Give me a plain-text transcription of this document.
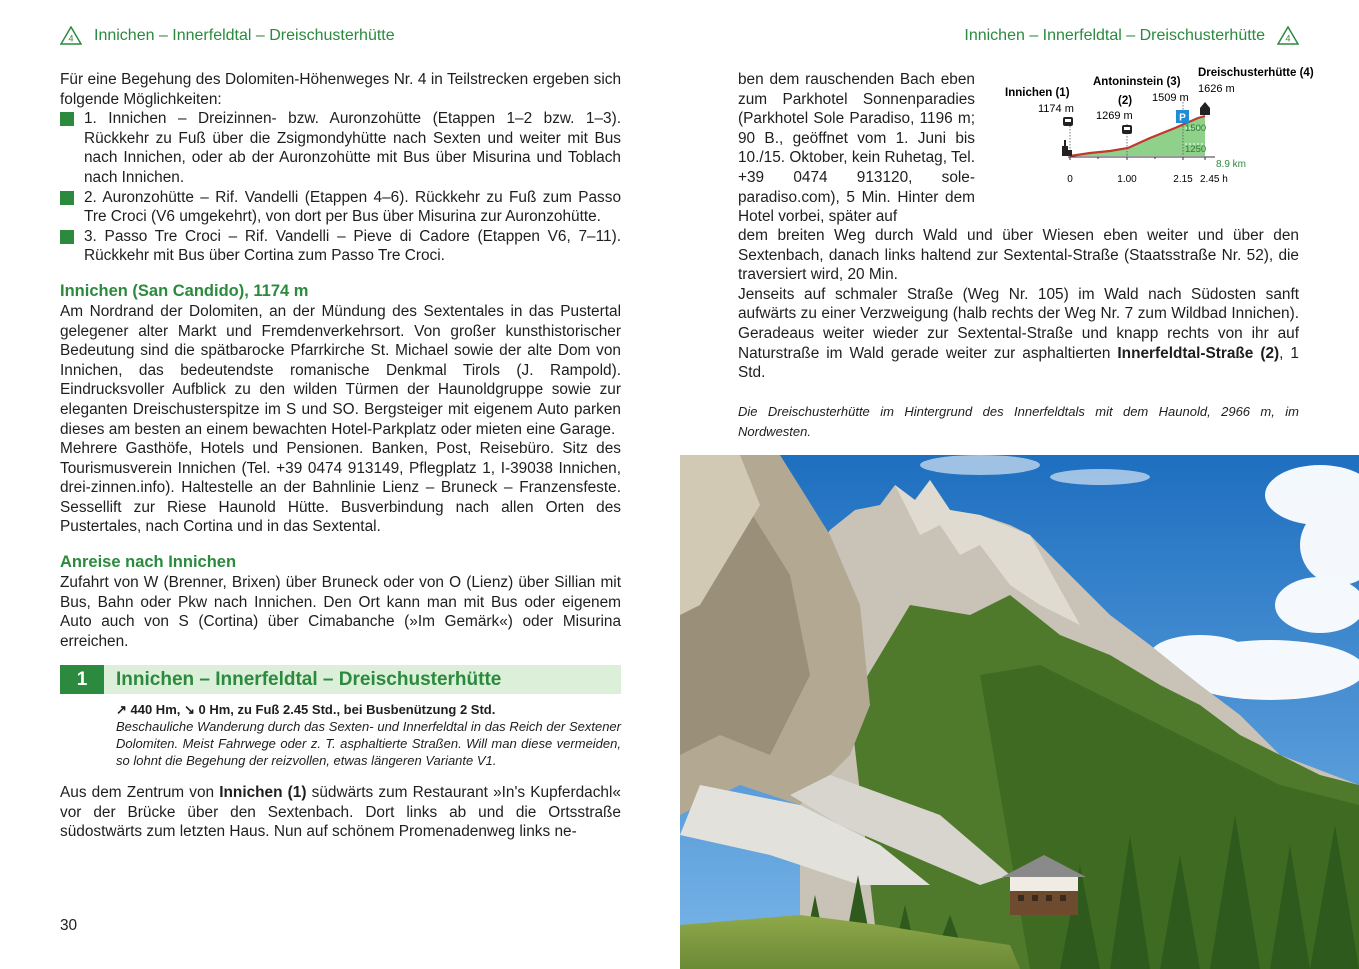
4 Innichen – Innerfeldtal – Dreischusterhütte	Innichen – Innerfeldtal – Dreischusterhütte 4

Für eine Begehung des Dolomiten-Höhenweges Nr. 4 in Teilstrecken ergeben sich folgende Möglichkeiten:

1. Innichen – Dreizinnen- bzw. Auronzohütte (Etappen 1–2 bzw. 1–3). Rückkehr zu Fuß über die Zsigmondyhütte nach Sexten und weiter mit Bus nach Innichen, oder ab der Auronzohütte mit Bus über Misurina und Toblach nach Innichen.
2. Auronzohütte – Rif. Vandelli (Etappen 4–6). Rückkehr zu Fuß zum Passo Tre Croci (V6 umgekehrt), von dort per Bus über Misurina zur Auronzohütte.
3. Passo Tre Croci – Rif. Vandelli – Pieve di Cadore (Etappen V6, 7–11). Rückkehr mit Bus über Cortina zum Passo Tre Croci.
Innichen (San Candido), 1174 m

Am Nordrand der Dolomiten, an der Mündung des Sextentales in das Pustertal gelegener alter Markt und Fremdenverkehrsort. Von großer kunsthistorischer Bedeutung sind die spätbarocke Pfarrkirche St. Michael sowie der alte Dom von Innichen, das bedeutendste romanische Denkmal Tirols (J. Rampold). Eindrucksvoller Aufblick zu den wilden Türmen der Haunoldgruppe sowie zur eleganten Dreischusterspitze im S und SO. Bergsteiger mit eigenem Auto parken dieses am besten an einem bewachten Hotel-Parkplatz oder mieten eine Garage.

Mehrere Gasthöfe, Hotels und Pensionen. Banken, Post, Reisebüro. Sitz des Tourismusverein Innichen (Tel. +39 0474 913149, Pflegplatz 1, I-39038 Innichen, drei-zinnen.info). Haltestelle an der Bahnlinie Lienz – Bruneck – Franzensfeste. Sessellift zur Riese Haunold Hütte. Busverbindung nach allen Orten des Pustertales, nach Cortina und in das Sextental.

Anreise nach Innichen

Zufahrt von W (Brenner, Brixen) über Bruneck oder von O (Lienz) über Sillian mit Bus, Bahn oder Pkw nach Innichen. Den Ort kann man mit Bus oder eigenem Auto auch von S (Cortina) über Cimabanche (»Im Gemärk«) oder Misurina erreichen.

1	Innichen – Innerfeldtal – Dreischusterhütte
↗ 440 Hm, ↘ 0 Hm, zu Fuß 2.45 Std., bei Busbenützung 2 Std.
Beschauliche Wanderung durch das Sexten- und Innerfeldtal in das Reich der Sextener Dolomiten. Meist Fahrwege oder z. T. asphaltierte Straßen. Will man diese vermeiden, so lohnt die Begehung der reizvollen, etwas längeren Variante V1.

Aus dem Zentrum von Innichen (1) südwärts zum Restaurant »In's Kupferdachl« vor der Brücke über den Sextenbach. Dort links ab und die Ortsstraße südostwärts zum letzten Haus. Nun auf schönem Promenadenweg links ne-

30

ben dem rauschenden Bach eben zum Parkhotel Sonnenparadies (Parkhotel Sole Paradiso, 1196 m; 90 B., geöffnet vom 1. Juni bis 10./15. Oktober, kein Ruhetag, Tel. +39 0474 913120, sole-paradiso.com), 5 Min. Hinter dem Hotel vorbei, später auf

P
Innichen (1)
1174 m
Antoninstein (3)
(2)
1269 m
1509 m
Dreischusterhütte (4)
1626 m
1500
1250
8.9 km
0	1.00	2.15 2.45 h

dem breiten Weg durch Wald und über Wiesen eben weiter und über den Sextenbach, danach links haltend zur Sextental-Straße (Staatsstraße Nr. 52), die traversiert wird, 20 Min.

Jenseits auf schmaler Straße (Weg Nr. 105) im Wald nach Südosten sanft aufwärts zu einer Verzweigung (halb rechts der Weg Nr. 7 zum Wildbad Innichen). Geradeaus weiter wieder zur Sextental-Straße und knapp rechts von ihr auf Naturstraße im Wald gerade weiter zur asphaltierten Innerfeldtal-Straße (2), 1 Std.

Die Dreischusterhütte im Hintergrund des Innerfeldtals mit dem Haunold, 2966 m, im Nordwesten.
